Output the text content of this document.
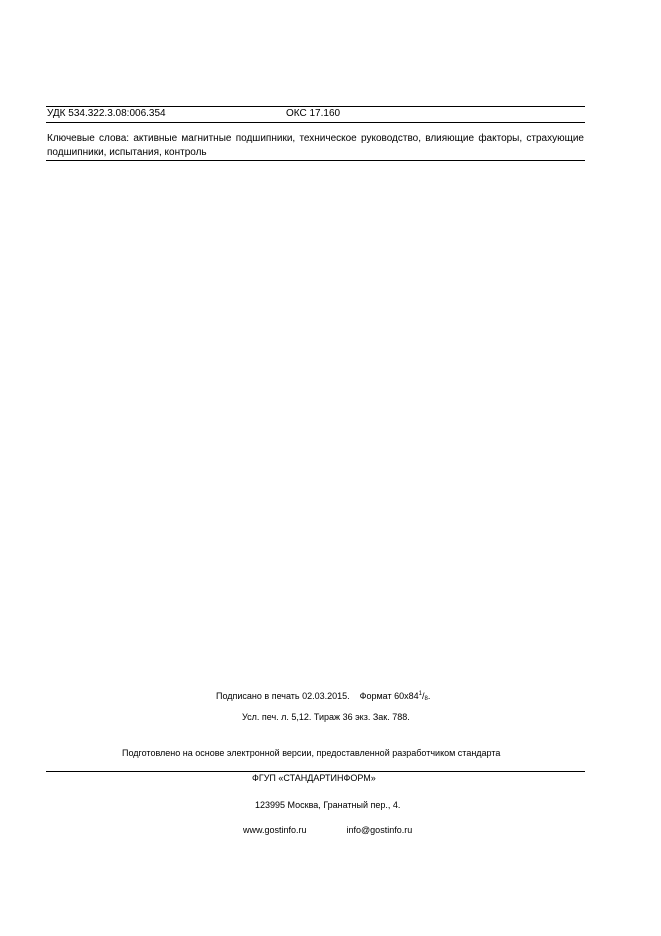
УДК 534.322.3.08:006.354	ОКС 17.160
Ключевые слова: активные магнитные подшипники, техническое руководство, влияющие факторы, страхующие подшипники, испытания, контроль
Подписано в печать 02.03.2015. Формат $60х84^1/8$.
Усл. печ. л. 5,12. Тираж 36 экз. Зак. 788.
Подготовлено на основе электронной версии, предоставленной разработчиком стандарта
ФГУП «СТАНДАРТИНФОРМ»
123995 Москва, Гранатный пер., 4.
www.gostinfo.ru	info@gostinfo.ru
